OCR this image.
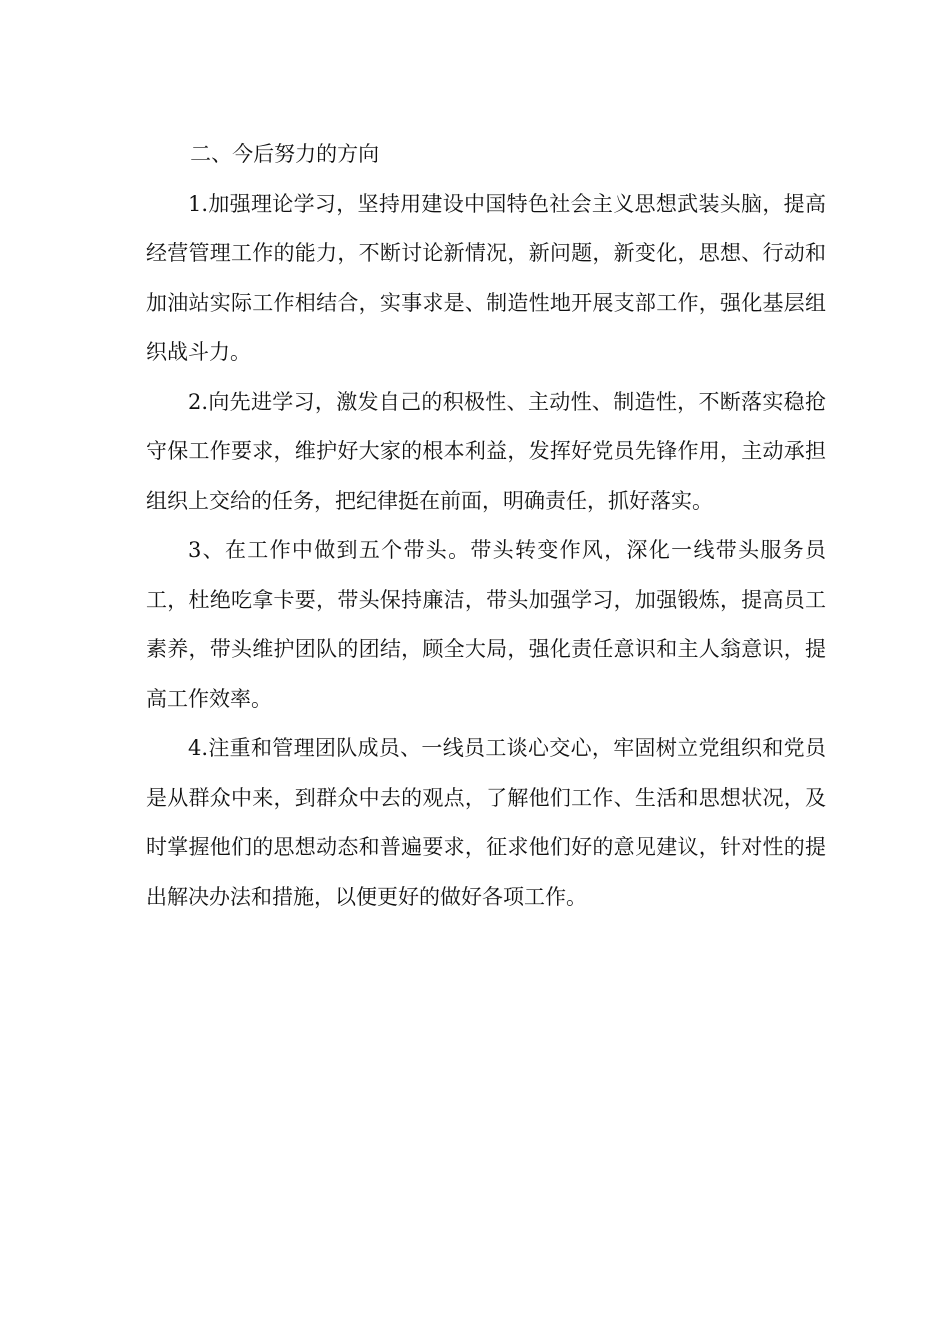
二、今后努力的方向

1.加强理论学习，坚持用建设中国特色社会主义思想武装头脑，提高经营管理工作的能力，不断讨论新情况，新问题，新变化，思想、行动和加油站实际工作相结合，实事求是、制造性地开展支部工作，强化基层组织战斗力。

2.向先进学习，激发自己的积极性、主动性、制造性，不断落实稳抢守保工作要求，维护好大家的根本利益，发挥好党员先锋作用，主动承担组织上交给的任务，把纪律挺在前面，明确责任，抓好落实。

3、在工作中做到五个带头。带头转变作风，深化一线带头服务员工，杜绝吃拿卡要，带头保持廉洁，带头加强学习，加强锻炼，提高员工素养，带头维护团队的团结，顾全大局，强化责任意识和主人翁意识，提高工作效率。

4.注重和管理团队成员、一线员工谈心交心，牢固树立党组织和党员是从群众中来，到群众中去的观点，了解他们工作、生活和思想状况，及时掌握他们的思想动态和普遍要求，征求他们好的意见建议，针对性的提出解决办法和措施，以便更好的做好各项工作。
